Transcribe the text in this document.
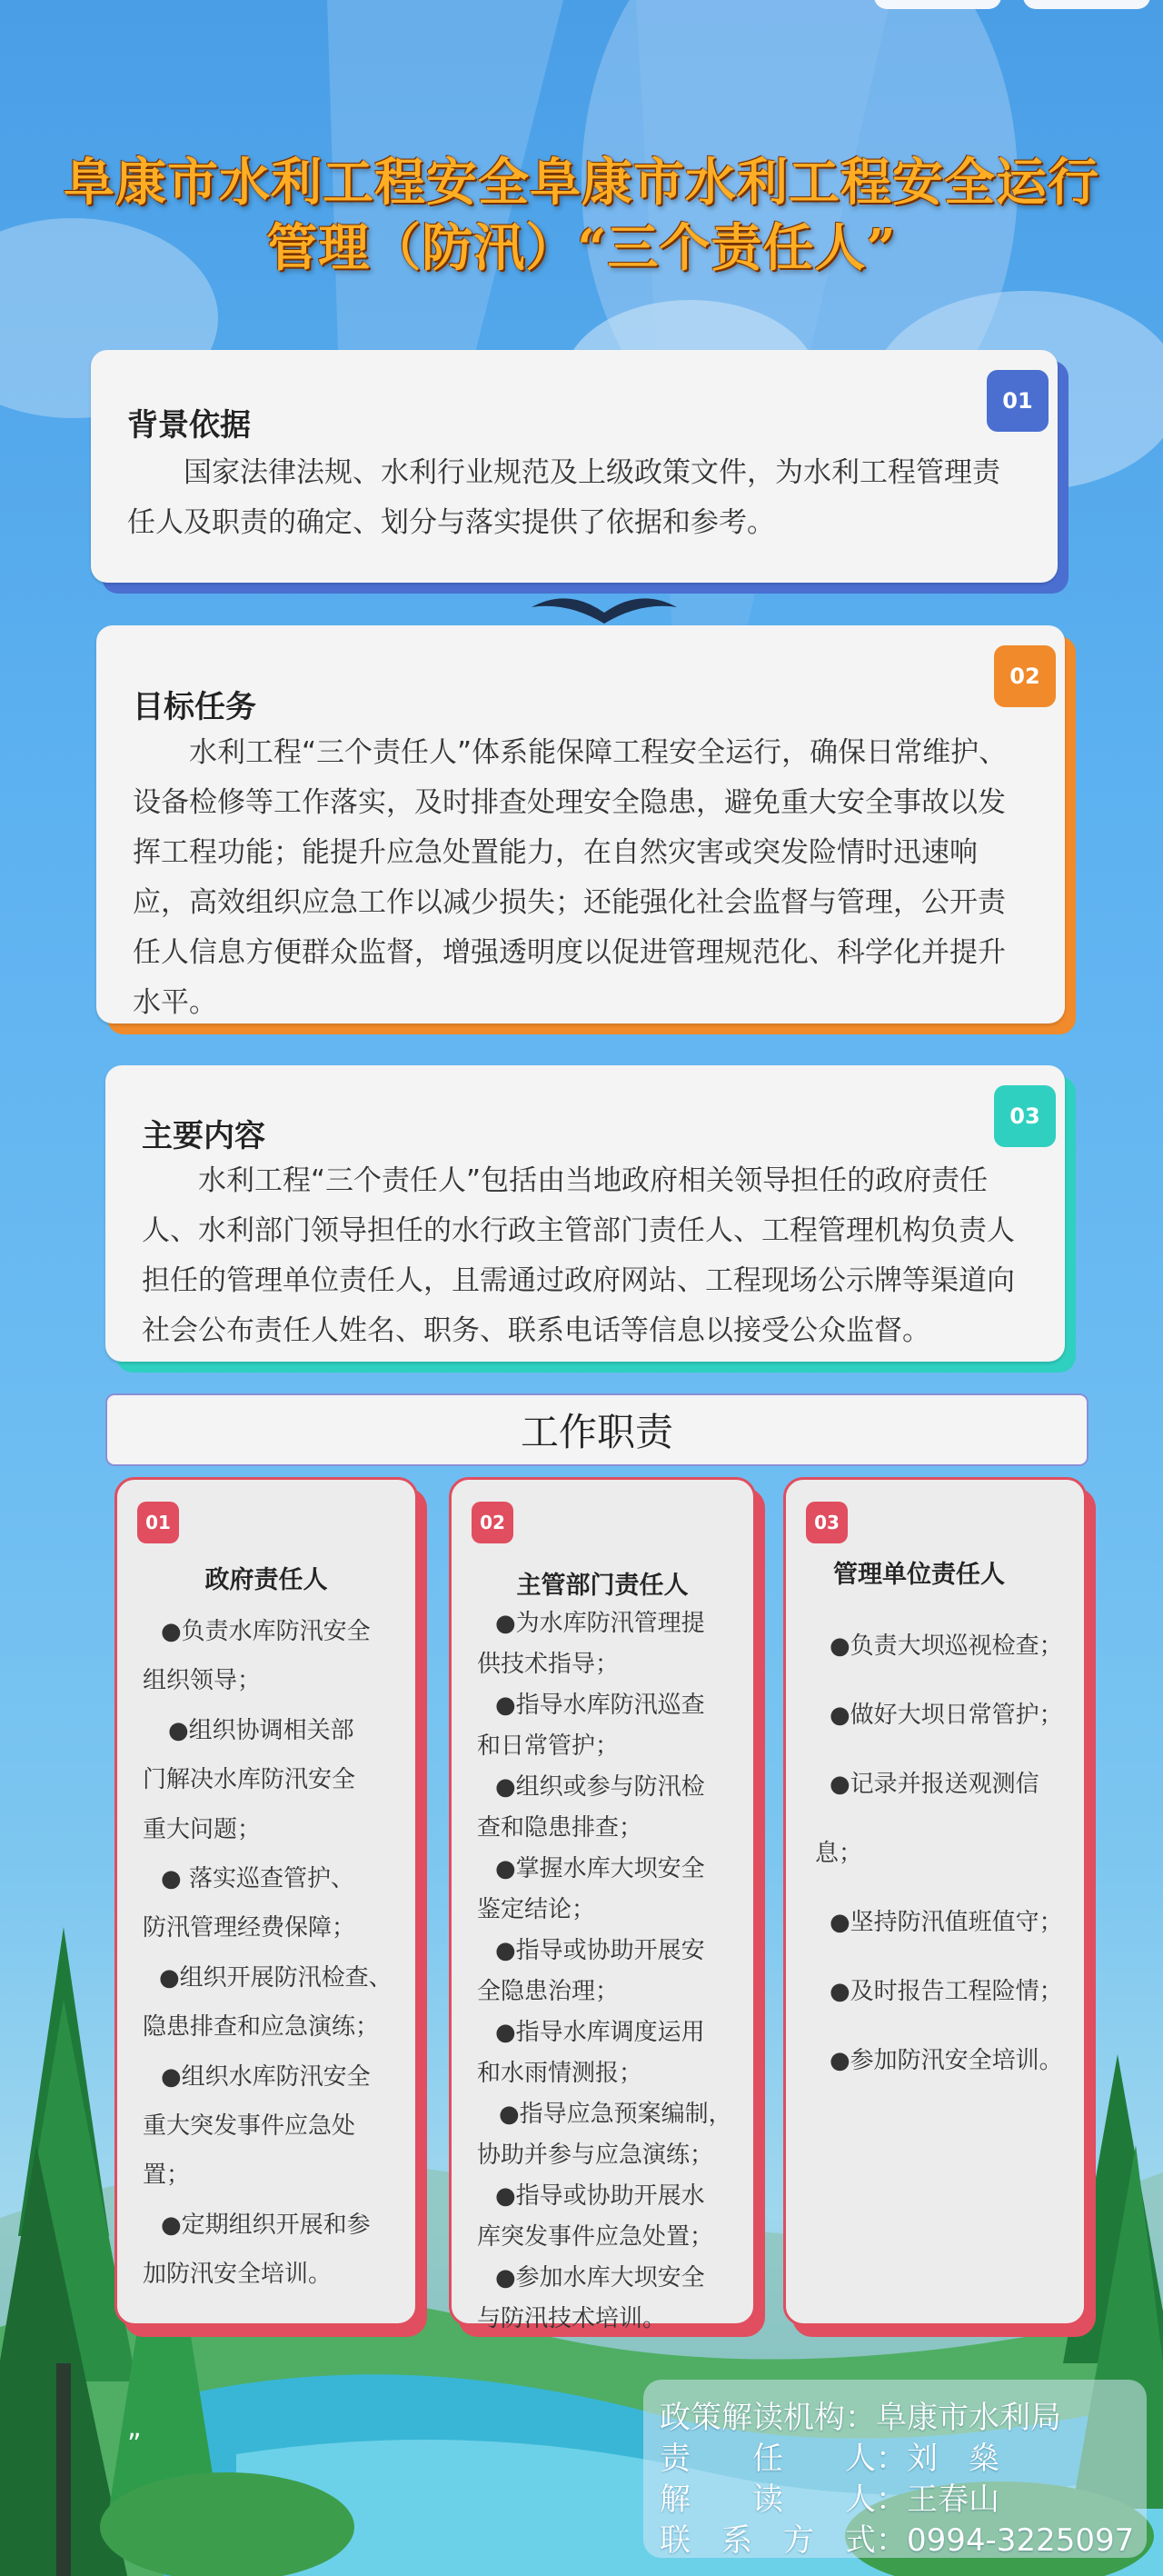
阜康市水利工程安全阜康市水利工程安全运行
管理（防汛）“三个责任人”
01
背景依据

国家法律法规、水利行业规范及上级政策文件，为水利工程管理责任人及职责的确定、划分与落实提供了依据和参考。

02
目标任务

水利工程“三个责任人”体系能保障工程安全运行，确保日常维护、设备检修等工作落实，及时排查处理安全隐患，避免重大安全事故以发挥工程功能；能提升应急处置能力，在自然灾害或突发险情时迅速响应，高效组织应急工作以减少损失；还能强化社会监督与管理，公开责任人信息方便群众监督，增强透明度以促进管理规范化、科学化并提升水平。

03
主要内容

水利工程“三个责任人”包括由当地政府相关领导担任的政府责任人、水利部门领导担任的水行政主管部门责任人、工程管理机构负责人担任的管理单位责任人，且需通过政府网站、工程现场公示牌等渠道向社会公布责任人姓名、职务、联系电话等信息以接受公众监督。

工作职责
01
政府责任人
●负责水库防汛安全
组织领导；
●组织协调相关部
门解决水库防汛安全
重大问题；
● 落实巡查管护、
防汛管理经费保障；
●组织开展防汛检查、
隐患排查和应急演练；
●组织水库防汛安全
重大突发事件应急处
置；
●定期组织开展和参
加防汛安全培训。
02
主管部门责任人
●为水库防汛管理提
供技术指导；
●指导水库防汛巡查
和日常管护；
●组织或参与防汛检
查和隐患排查；
●掌握水库大坝安全
鉴定结论；
●指导或协助开展安
全隐患治理；
●指导水库调度运用
和水雨情测报；
●指导应急预案编制，
协助并参与应急演练；
●指导或协助开展水
库突发事件应急处置；
●参加水库大坝安全
与防汛技术培训。
03
管理单位责任人
●负责大坝巡视检查；
●做好大坝日常管护；
●记录并报送观测信
息；
●坚持防汛值班值守；
●及时报告工程险情；
●参加防汛安全培训。
”
政策解读机构：阜康市水利局
责　　任　　人：刘　燊
解　　读　　人：王春山
联　系　方　式：0994-3225097
